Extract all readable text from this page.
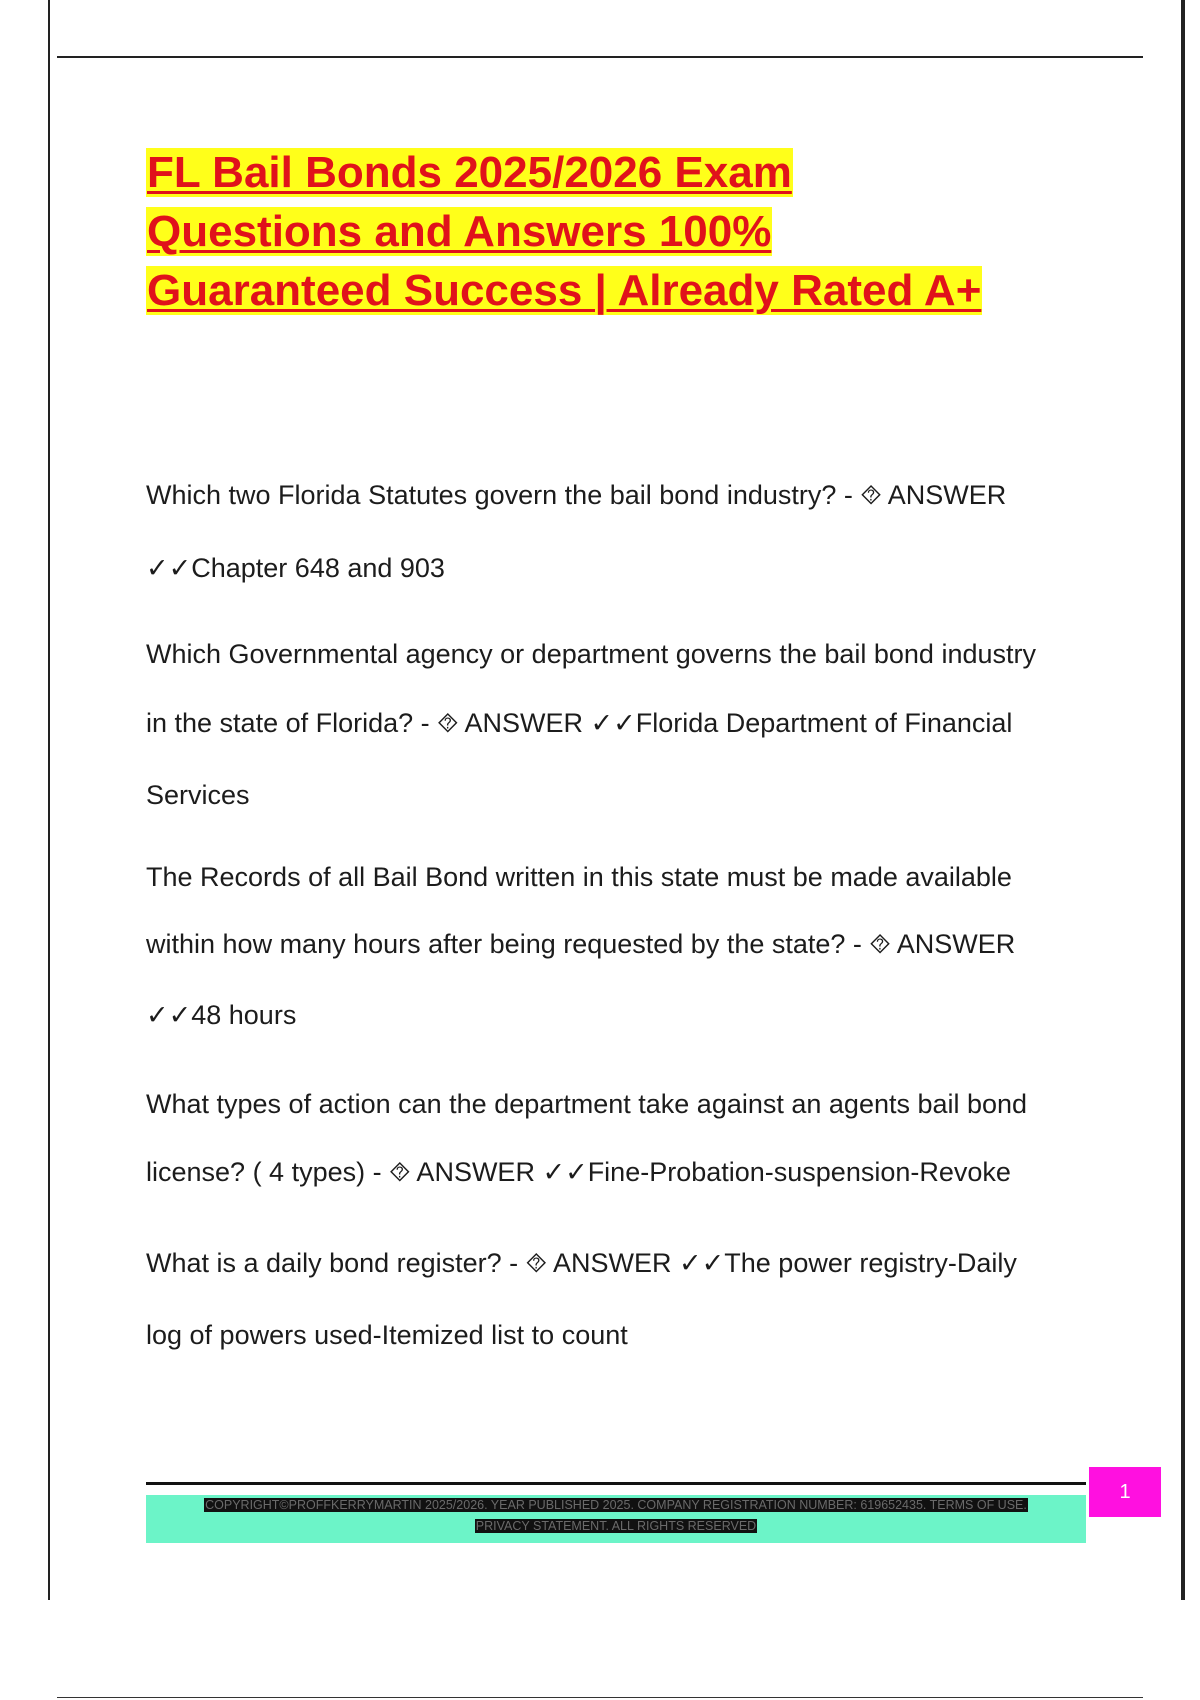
FL Bail Bonds 2025/2026 Exam
Questions and Answers 100%
Guaranteed Success | Already Rated A+
Which two Florida Statutes govern the bail bond industry? - ⯑ ANSWER
✓✓Chapter 648 and 903
Which Governmental agency or department governs the bail bond industry
in the state of Florida? - ⯑ ANSWER ✓✓Florida Department of Financial
Services
The Records of all Bail Bond written in this state must be made available
within how many hours after being requested by the state? - ⯑ ANSWER
✓✓48 hours
What types of action can the department take against an agents bail bond
license? ( 4 types) - ⯑ ANSWER ✓✓Fine-Probation-suspension-Revoke
What is a daily bond register? - ⯑ ANSWER ✓✓The power registry-Daily
log of powers used-Itemized list to count
COPYRIGHT©PROFFKERRYMARTIN 2025/2026. YEAR PUBLISHED 2025. COMPANY REGISTRATION NUMBER: 619652435. TERMS OF USE.
PRIVACY STATEMENT. ALL RIGHTS RESERVED
1
